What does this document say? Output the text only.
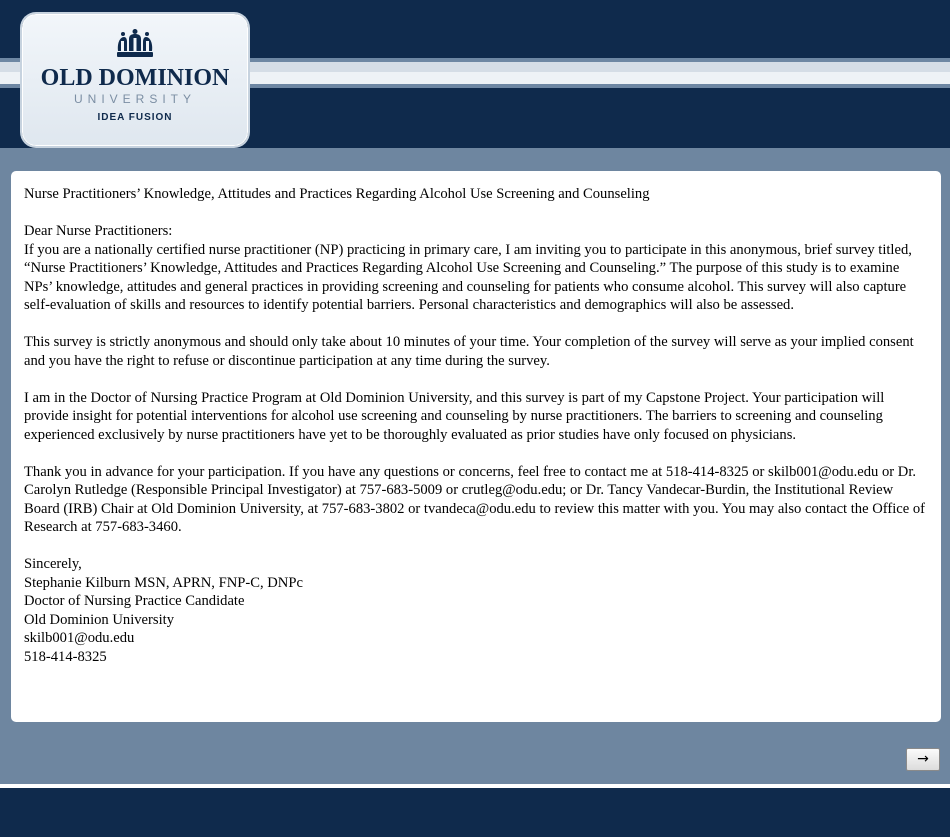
OLD DOMINION
UNIVERSITY
IDEA FUSION

Nurse Practitioners’ Knowledge, Attitudes and Practices Regarding Alcohol Use Screening and Counseling

Dear Nurse Practitioners:

If you are a nationally certified nurse practitioner (NP) practicing in primary care, I am inviting you to participate in this anonymous, brief survey titled, “Nurse Practitioners’ Knowledge, Attitudes and Practices Regarding Alcohol Use Screening and Counseling.” The purpose of this study is to examine NPs’ knowledge, attitudes and general practices in providing screening and counseling for patients who consume alcohol. This survey will also capture self-evaluation of skills and resources to identify potential barriers. Personal characteristics and demographics will also be assessed.

This survey is strictly anonymous and should only take about 10 minutes of your time. Your completion of the survey will serve as your implied consent and you have the right to refuse or discontinue participation at any time during the survey.

I am in the Doctor of Nursing Practice Program at Old Dominion University, and this survey is part of my Capstone Project. Your participation will provide insight for potential interventions for alcohol use screening and counseling by nurse practitioners. The barriers to screening and counseling experienced exclusively by nurse practitioners have yet to be thoroughly evaluated as prior studies have only focused on physicians.

Thank you in advance for your participation. If you have any questions or concerns, feel free to contact me at 518-414-8325 or skilb001@odu.edu or Dr. Carolyn Rutledge (Responsible Principal Investigator) at 757-683-5009 or crutleg@odu.edu; or Dr. Tancy Vandecar-Burdin, the Institutional Review Board (IRB) Chair at Old Dominion University, at 757-683-3802 or tvandeca@odu.edu to review this matter with you. You may also contact the Office of Research at 757-683-3460.

Sincerely,

Stephanie Kilburn MSN, APRN, FNP-C, DNPc

Doctor of Nursing Practice Candidate

Old Dominion University

skilb001@odu.edu

518-414-8325

→
